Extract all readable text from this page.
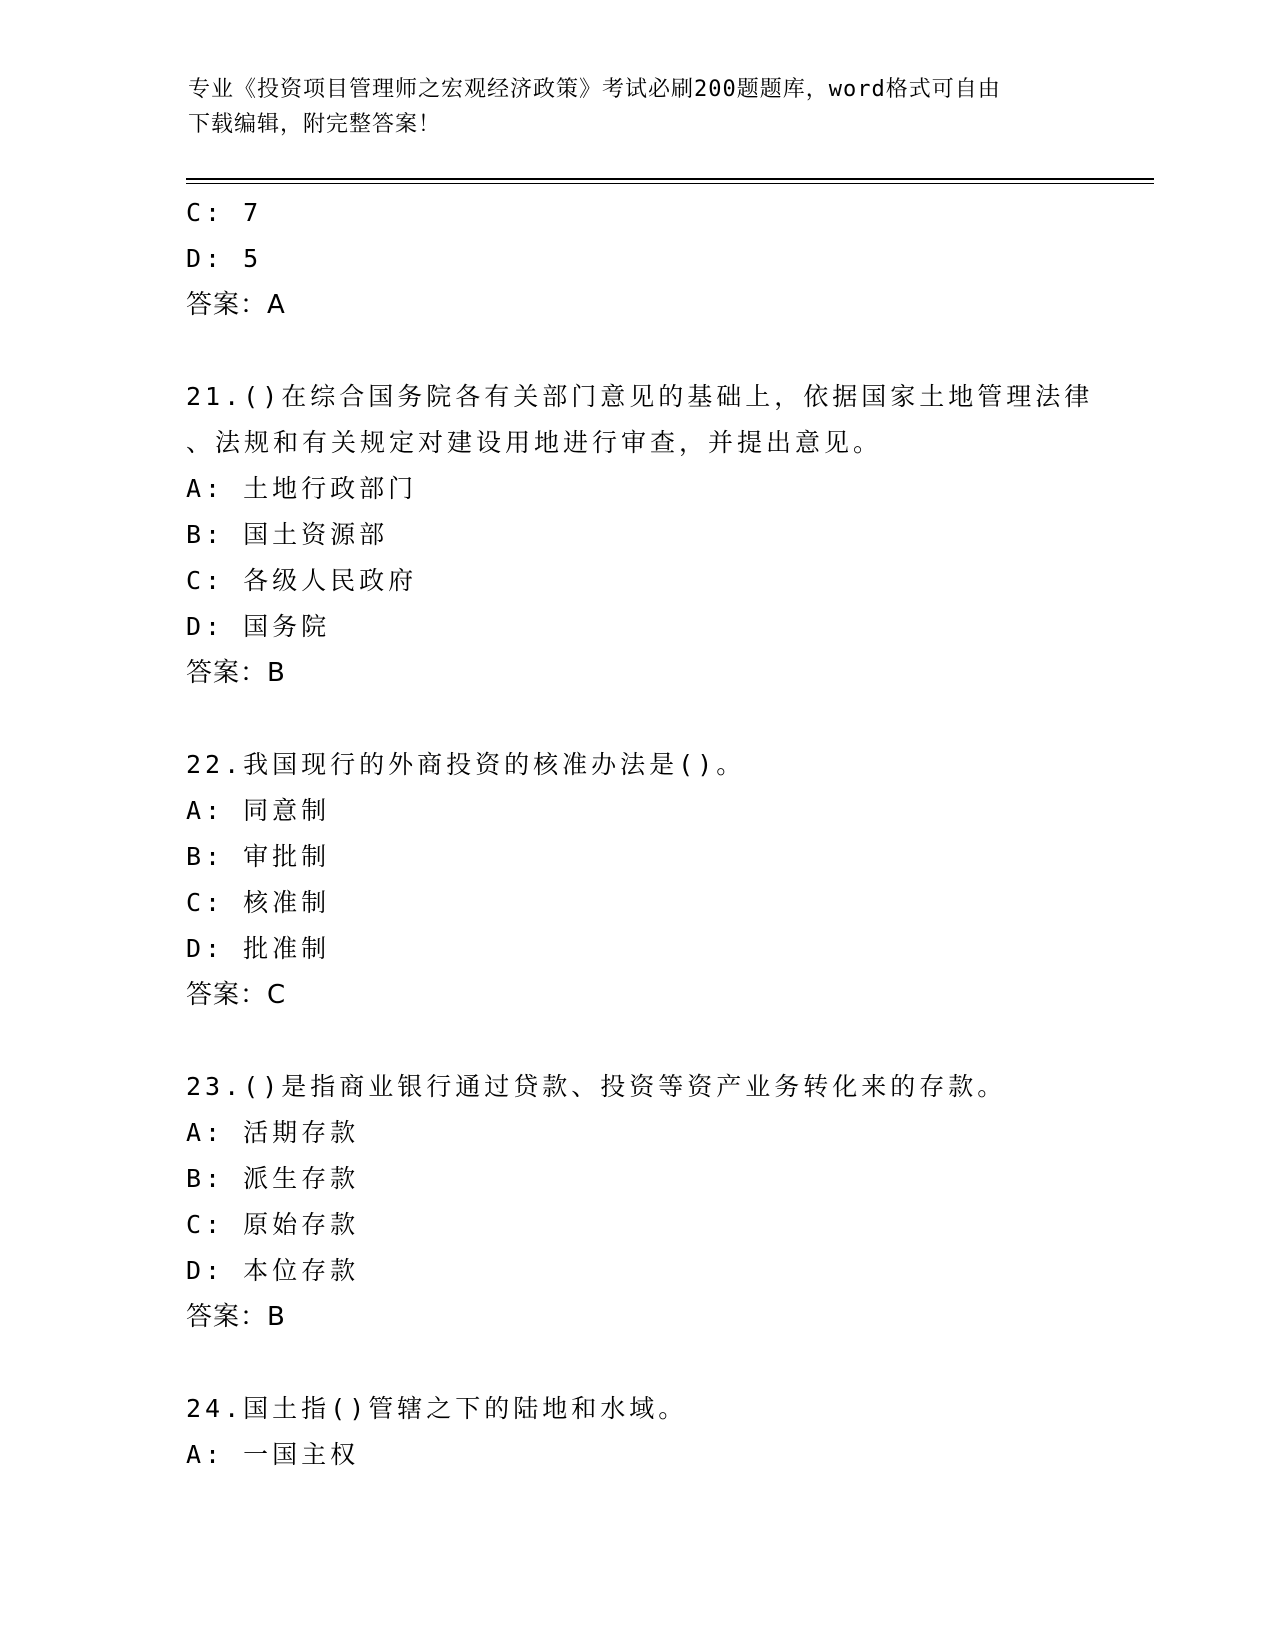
专业《投资项目管理师之宏观经济政策》考试必刷200题题库，word格式可自由
下载编辑，附完整答案！
C: 7
D: 5
答案：A
21.()在综合国务院各有关部门意见的基础上，依据国家土地管理法律
、法规和有关规定对建设用地进行审查，并提出意见。
A: 土地行政部门
B: 国土资源部
C: 各级人民政府
D: 国务院
答案：B
22.我国现行的外商投资的核准办法是()。
A: 同意制
B: 审批制
C: 核准制
D: 批准制
答案：C
23.()是指商业银行通过贷款、投资等资产业务转化来的存款。
A: 活期存款
B: 派生存款
C: 原始存款
D: 本位存款
答案：B
24.国土指()管辖之下的陆地和水域。
A: 一国主权
